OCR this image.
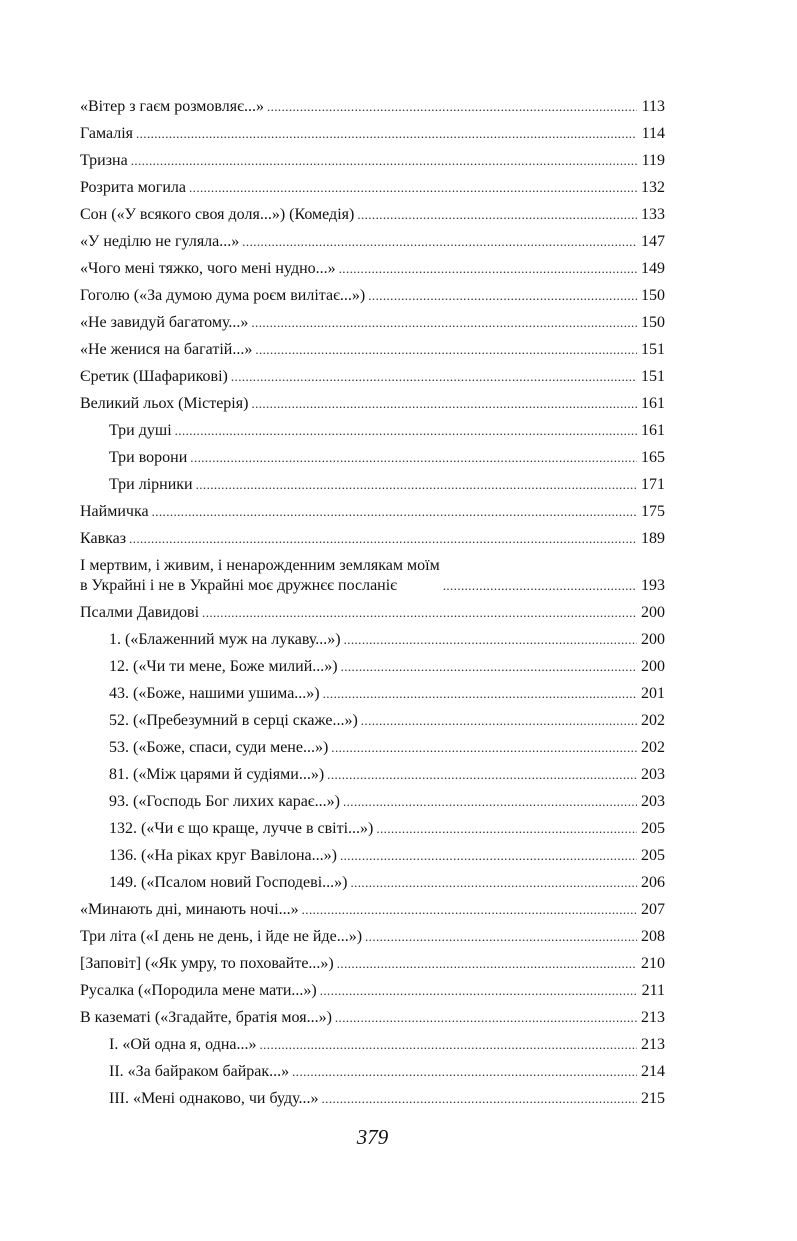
«Вітер з гаєм розмовляє...» .....	113
Гамалія .....	114
Тризна .....	119
Розрита могила .....	132
Сон («У всякого своя доля...») (Комедія) .....	133
«У неділю не гуляла...» .....	147
«Чого мені тяжко, чого мені нудно...» .....	149
Гоголю («За думою дума роєм вилітає...») .....	150
«Не завидуй багатому...» .....	150
«Не женися на багатій...» .....	151
Єретик (Шафарикові) .....	151
Великий льох (Містерія) .....	161
Три душі .....	161
Три ворони .....	165
Три лірники .....	171
Наймичка .....	175
Кавказ .....	189
І мертвим, і живим, і ненарожденним землякам моїм
в Украйні і не в Украйні моє дружнєє посланіє .....	193
Псалми Давидові .....	200
1. («Блаженний муж на лукаву...») .....	200
12. («Чи ти мене, Боже милий...») .....	200
43. («Боже, нашими ушима...») .....	201
52. («Пребезумний в серці скаже...») .....	202
53. («Боже, спаси, суди мене...») .....	202
81. («Між царями й судіями...») .....	203
93. («Господь Бог лихих карає...») .....	203
132. («Чи є що краще, лучче в світі...») .....	205
136. («На ріках круг Вавілона...») .....	205
149. («Псалом новий Господеві...») .....	206
«Минають дні, минають ночі...» .....	207
Три літа («І день не день, і йде не йде...») .....	208
[Заповіт] («Як умру, то поховайте...») .....	210
Русалка («Породила мене мати...») .....	211
В казематі («Згадайте, братія моя...») .....	213
І. «Ой одна я, одна...» .....	213
ІІ. «За байраком байрак...» .....	214
ІІІ. «Мені однаково, чи буду...» .....	215
379
